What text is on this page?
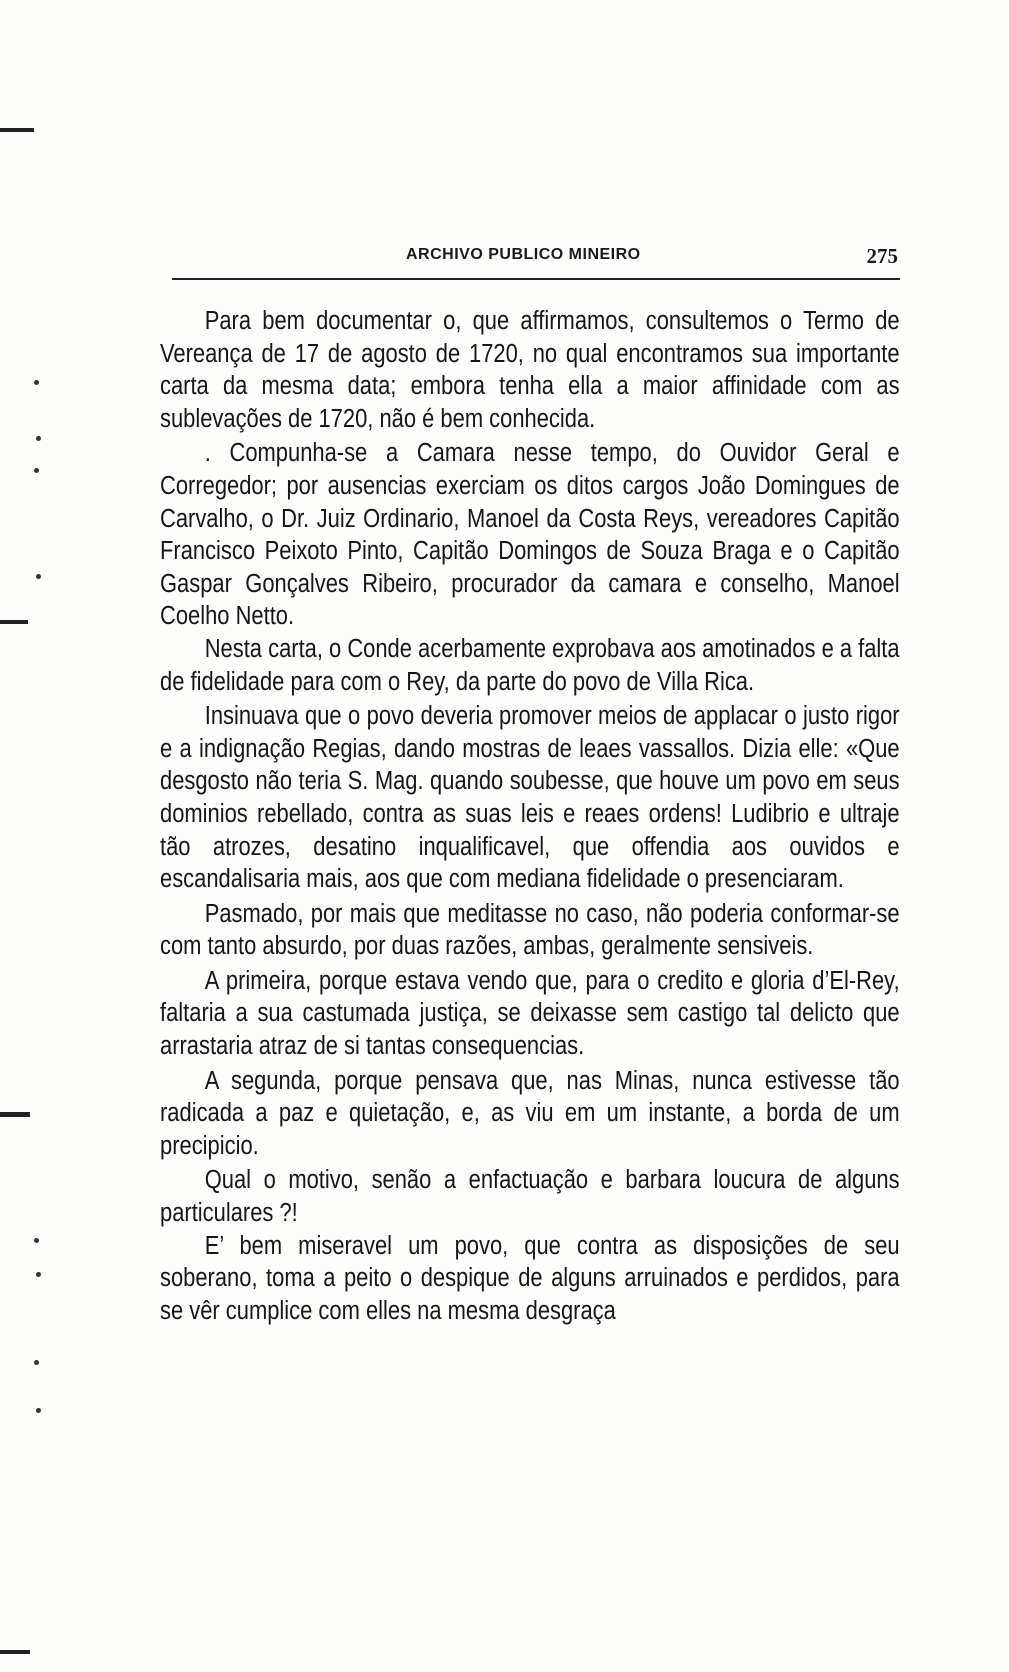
ARCHIVO PUBLICO MINEIRO	275

Para bem documentar o, que affirmamos, consultemos o Termo de Vereança de 17 de agosto de 1720, no qual encontramos sua importante carta da mesma data; embora tenha ella a maior affinidade com as sublevações de 1720, não é bem conhecida.

. Compunha-se a Camara nesse tempo, do Ouvidor Geral e Corregedor; por ausencias exerciam os ditos cargos João Domingues de Carvalho, o Dr. Juiz Ordinario, Manoel da Costa Reys, vereadores Capitão Francisco Peixoto Pinto, Capitão Domingos de Souza Braga e o Capitão Gaspar Gonçalves Ribeiro, procurador da camara e conselho, Manoel Coelho Netto.

Nesta carta, o Conde acerbamente exprobava aos amotinados e a falta de fidelidade para com o Rey, da parte do povo de Villa Rica.

Insinuava que o povo deveria promover meios de applacar o justo rigor e a indignação Regias, dando mostras de leaes vassallos. Dizia elle: «Que desgosto não teria S. Mag. quando soubesse, que houve um povo em seus dominios rebellado, contra as suas leis e reaes ordens! Ludibrio e ultraje tão atrozes, desatino inqualificavel, que offendia aos ouvidos e escandalisaria mais, aos que com mediana fidelidade o presenciaram.

Pasmado, por mais que meditasse no caso, não poderia conformar-se com tanto absurdo, por duas razões, ambas, geralmente sensiveis.

A primeira, porque estava vendo que, para o credito e gloria d’El-Rey, faltaria a sua castumada justiça, se deixasse sem castigo tal delicto que arrastaria atraz de si tantas consequencias.

A segunda, porque pensava que, nas Minas, nunca estivesse tão radicada a paz e quietação, e, as viu em um instante, a borda de um precipicio.

Qual o motivo, senão a enfactuação e barbara loucura de alguns particulares ?!

E’ bem miseravel um povo, que contra as disposições de seu soberano, toma a peito o despique de alguns arruinados e perdidos, para se vêr cumplice com elles na mesma desgraça
